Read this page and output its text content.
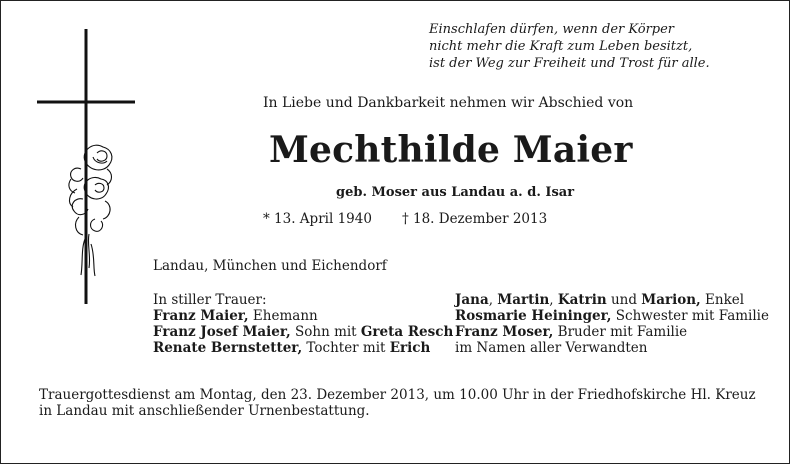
Einschlafen dürfen, wenn der Körper
nicht mehr die Kraft zum Leben besitzt,
ist der Weg zur Freiheit und Trost für alle.
In Liebe und Dankbarkeit nehmen wir Abschied von
Mechthilde Maier
geb. Moser aus Landau a. d. Isar
* 13. April 1940 † 18. Dezember 2013
Landau, München und Eichendorf
In stiller Trauer:
Franz Maier, Ehemann
Franz Josef Maier, Sohn mit Greta Resch
Renate Bernstetter, Tochter mit Erich
Jana, Martin, Katrin und Marion, Enkel
Rosmarie Heininger, Schwester mit Familie
Franz Moser, Bruder mit Familie
im Namen aller Verwandten
Trauergottesdienst am Montag, den 23. Dezember 2013, um 10.00 Uhr in der Friedhofskirche Hl. Kreuz
in Landau mit anschließender Urnenbestattung.
